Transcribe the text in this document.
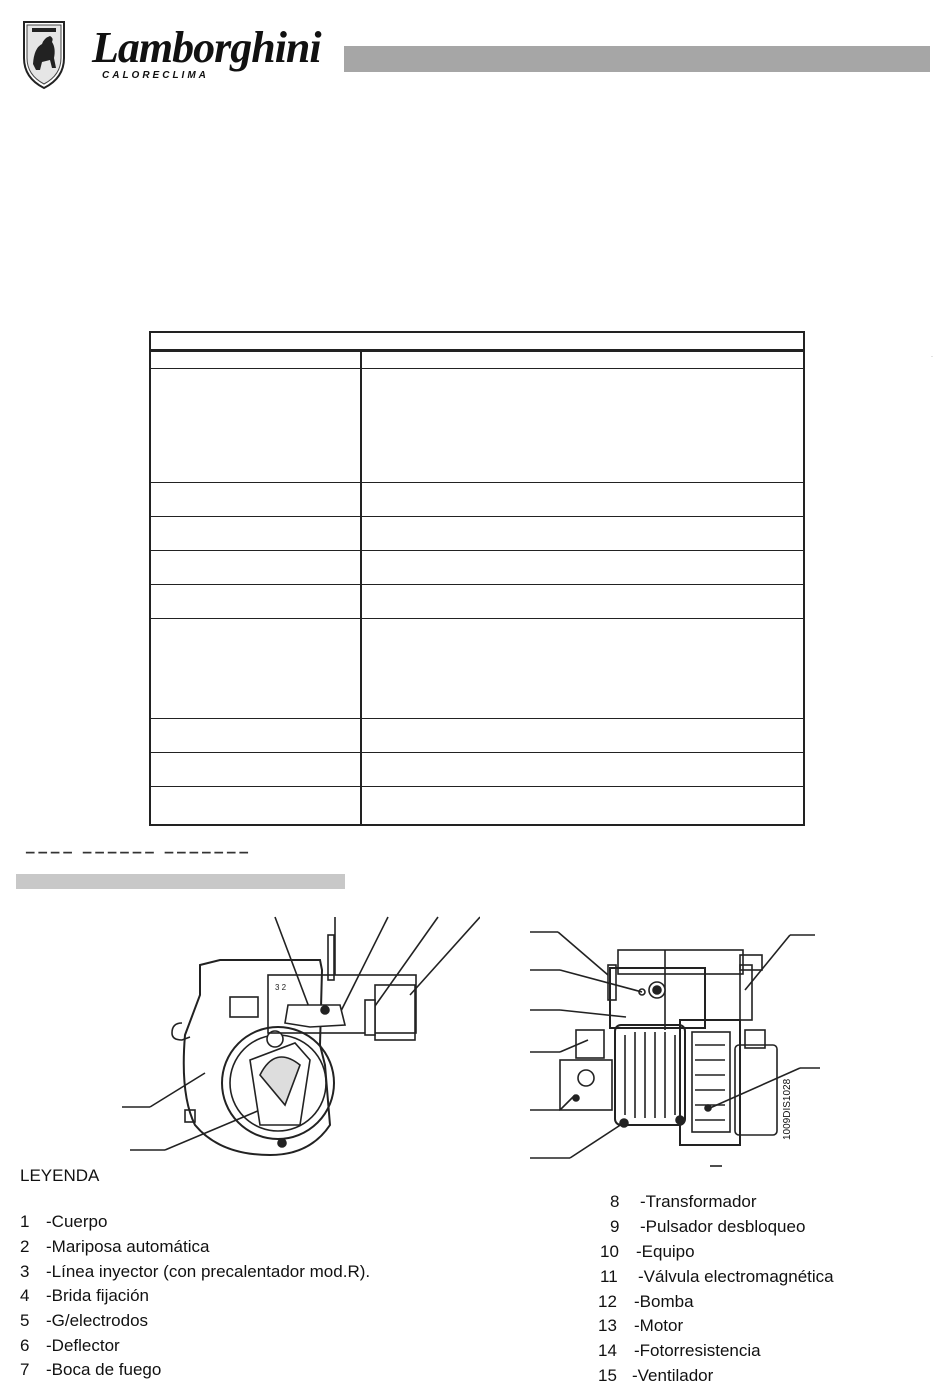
Lamborghini
CALORECLIMA
·
▔▔▔▔ ▔▔▔▔▔▔ ▔▔▔▔▔▔▔
3 2
1009DIS1028
LEYENDA
1 -Cuerpo
2 -Mariposa automática
3 -Línea inyector (con precalentador mod.R).
4 -Brida fijación
5 -G/electrodos
6 -Deflector
7 -Boca de fuego
8 -Transformador
9 -Pulsador desbloqueo
10 -Equipo
11 -Válvula electromagnética
12 -Bomba
13 -Motor
14 -Fotorresistencia
15 -Ventilador
